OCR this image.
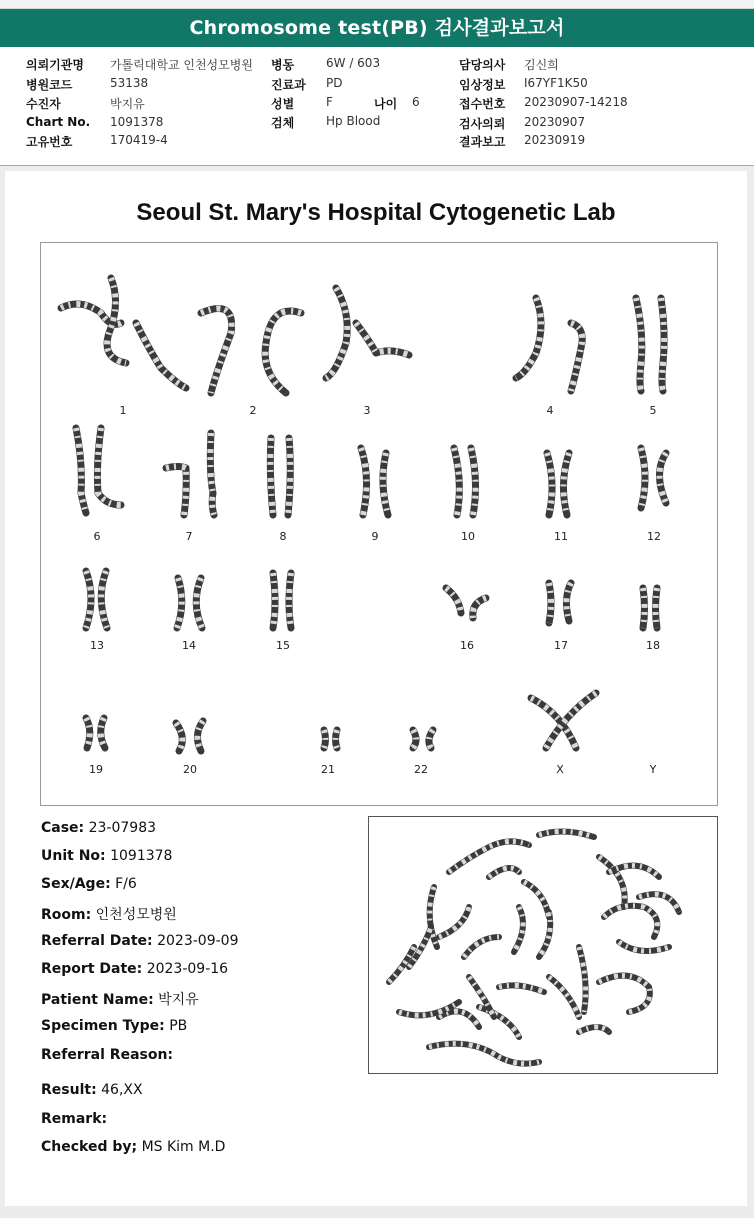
Chromosome test(PB) 검사결과보고서
의뢰기관명 가톨릭대학교 인천성모병원
병원코드	53138
수진자	박지유
Chart No. 1091378
고유번호	170419-4
병동	6W / 603
진료과 PD
성별	F	나이 6
검체	Hp Blood
담당의사 김신희
임상정보 I67YF1K50
접수번호 20230907-14218
검사의뢰 20230907
결과보고 20230919
Seoul St. Mary's Hospital Cytogenetic Lab
1	2	3	4	5
6	7	8	9	10	11	12
13	14	15	16	17	18
19	20	21	22	X	Y
Case: 23-07983
Unit No: 1091378
Sex/Age: F/6
Room: 인천성모병원
Referral Date: 2023-09-09
Report Date: 2023-09-16
Patient Name: 박지유
Specimen Type: PB
Referral Reason:
Result: 46,XX
Remark:
Checked by; MS Kim M.D
